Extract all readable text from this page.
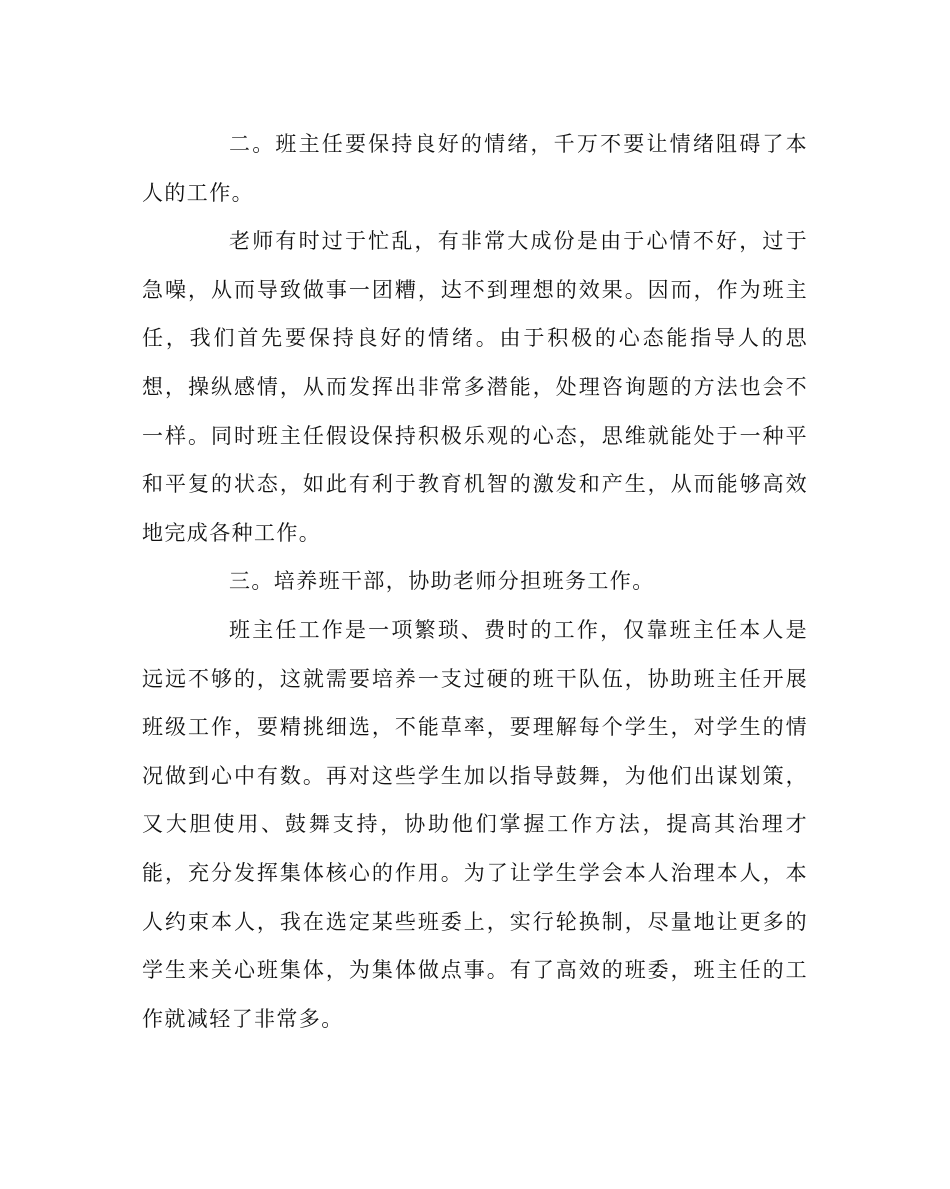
二。班主任要保持良好的情绪，千万不要让情绪阻碍了本人的工作。

老师有时过于忙乱，有非常大成份是由于心情不好，过于急噪，从而导致做事一团糟，达不到理想的效果。因而，作为班主任，我们首先要保持良好的情绪。由于积极的心态能指导人的思想，操纵感情，从而发挥出非常多潜能，处理咨询题的方法也会不一样。同时班主任假设保持积极乐观的心态，思维就能处于一种平和平复的状态，如此有利于教育机智的激发和产生，从而能够高效地完成各种工作。

三。培养班干部，协助老师分担班务工作。

班主任工作是一项繁琐、费时的工作，仅靠班主任本人是远远不够的，这就需要培养一支过硬的班干队伍，协助班主任开展班级工作，要精挑细选，不能草率，要理解每个学生，对学生的情况做到心中有数。再对这些学生加以指导鼓舞，为他们出谋划策，又大胆使用、鼓舞支持，协助他们掌握工作方法，提高其治理才能，充分发挥集体核心的作用。为了让学生学会本人治理本人，本人约束本人，我在选定某些班委上，实行轮换制，尽量地让更多的学生来关心班集体，为集体做点事。有了高效的班委，班主任的工作就减轻了非常多。
